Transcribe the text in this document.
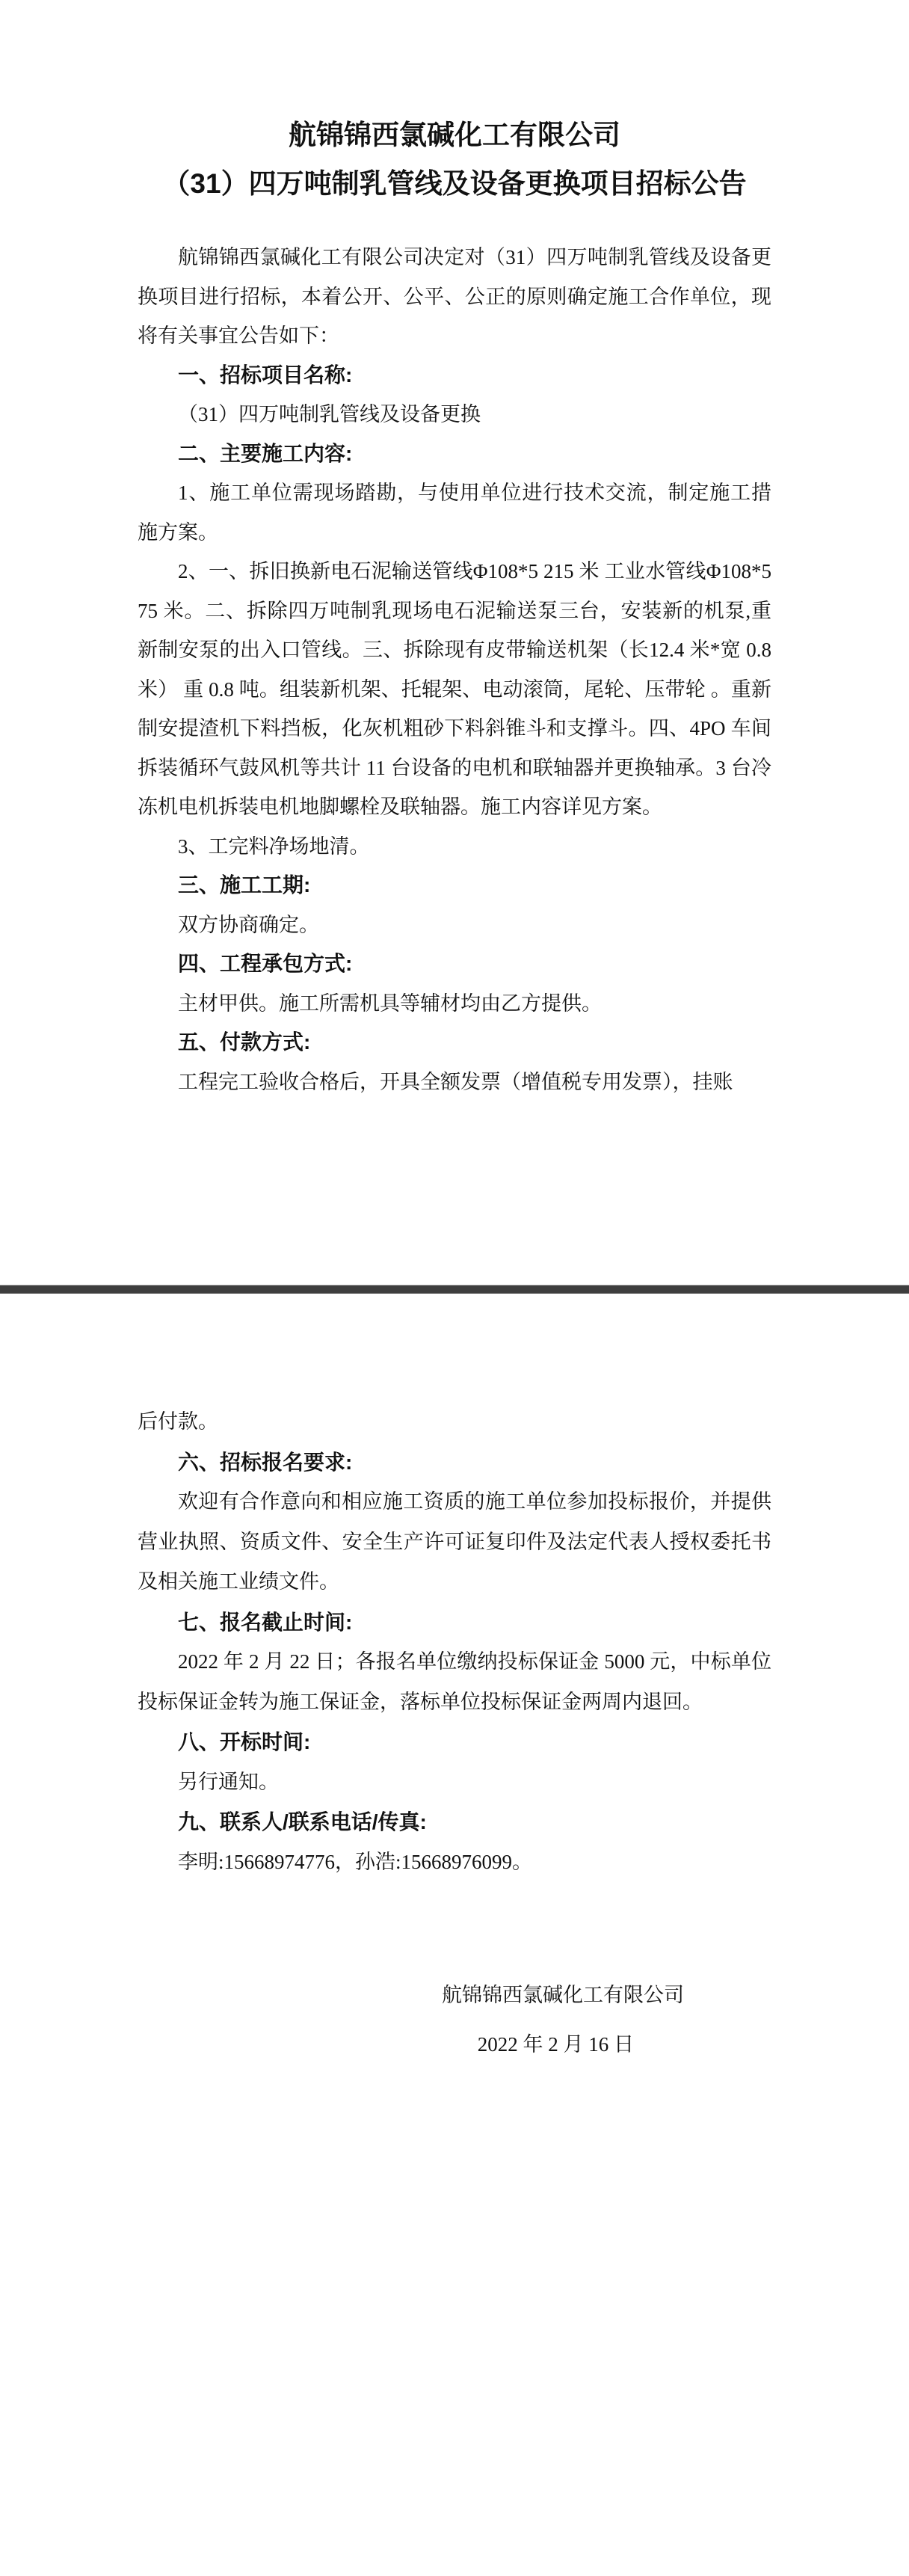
航锦锦西氯碱化工有限公司
（31）四万吨制乳管线及设备更换项目招标公告

航锦锦西氯碱化工有限公司决定对（31）四万吨制乳管线及设备更换项目进行招标，本着公开、公平、公正的原则确定施工合作单位，现将有关事宜公告如下：

一、招标项目名称:

（31）四万吨制乳管线及设备更换

二、主要施工内容:

1、施工单位需现场踏勘，与使用单位进行技术交流，制定施工措施方案。

2、一、拆旧换新电石泥输送管线Φ108*5 215 米 工业水管线Φ108*5 75 米。二、拆除四万吨制乳现场电石泥输送泵三台，安装新的机泵,重新制安泵的出入口管线。三、拆除现有皮带输送机架（长12.4 米*宽 0.8 米） 重 0.8 吨。组装新机架、托辊架、电动滚筒，尾轮、压带轮 。重新制安提渣机下料挡板，化灰机粗砂下料斜锥斗和支撑斗。四、4PO 车间拆装循环气鼓风机等共计 11 台设备的电机和联轴器并更换轴承。3 台冷冻机电机拆装电机地脚螺栓及联轴器。施工内容详见方案。

3、工完料净场地清。

三、施工工期:

双方协商确定。

四、工程承包方式:

主材甲供。施工所需机具等辅材均由乙方提供。

五、付款方式:

工程完工验收合格后，开具全额发票（增值税专用发票），挂账

后付款。

六、招标报名要求:

欢迎有合作意向和相应施工资质的施工单位参加投标报价，并提供营业执照、资质文件、安全生产许可证复印件及法定代表人授权委托书及相关施工业绩文件。

七、报名截止时间:

2022 年 2 月 22 日；各报名单位缴纳投标保证金 5000 元，中标单位投标保证金转为施工保证金，落标单位投标保证金两周内退回。

八、开标时间:

另行通知。

九、联系人/联系电话/传真:

李明:15668974776，孙浩:15668976099。

航锦锦西氯碱化工有限公司
2022 年 2 月 16 日
